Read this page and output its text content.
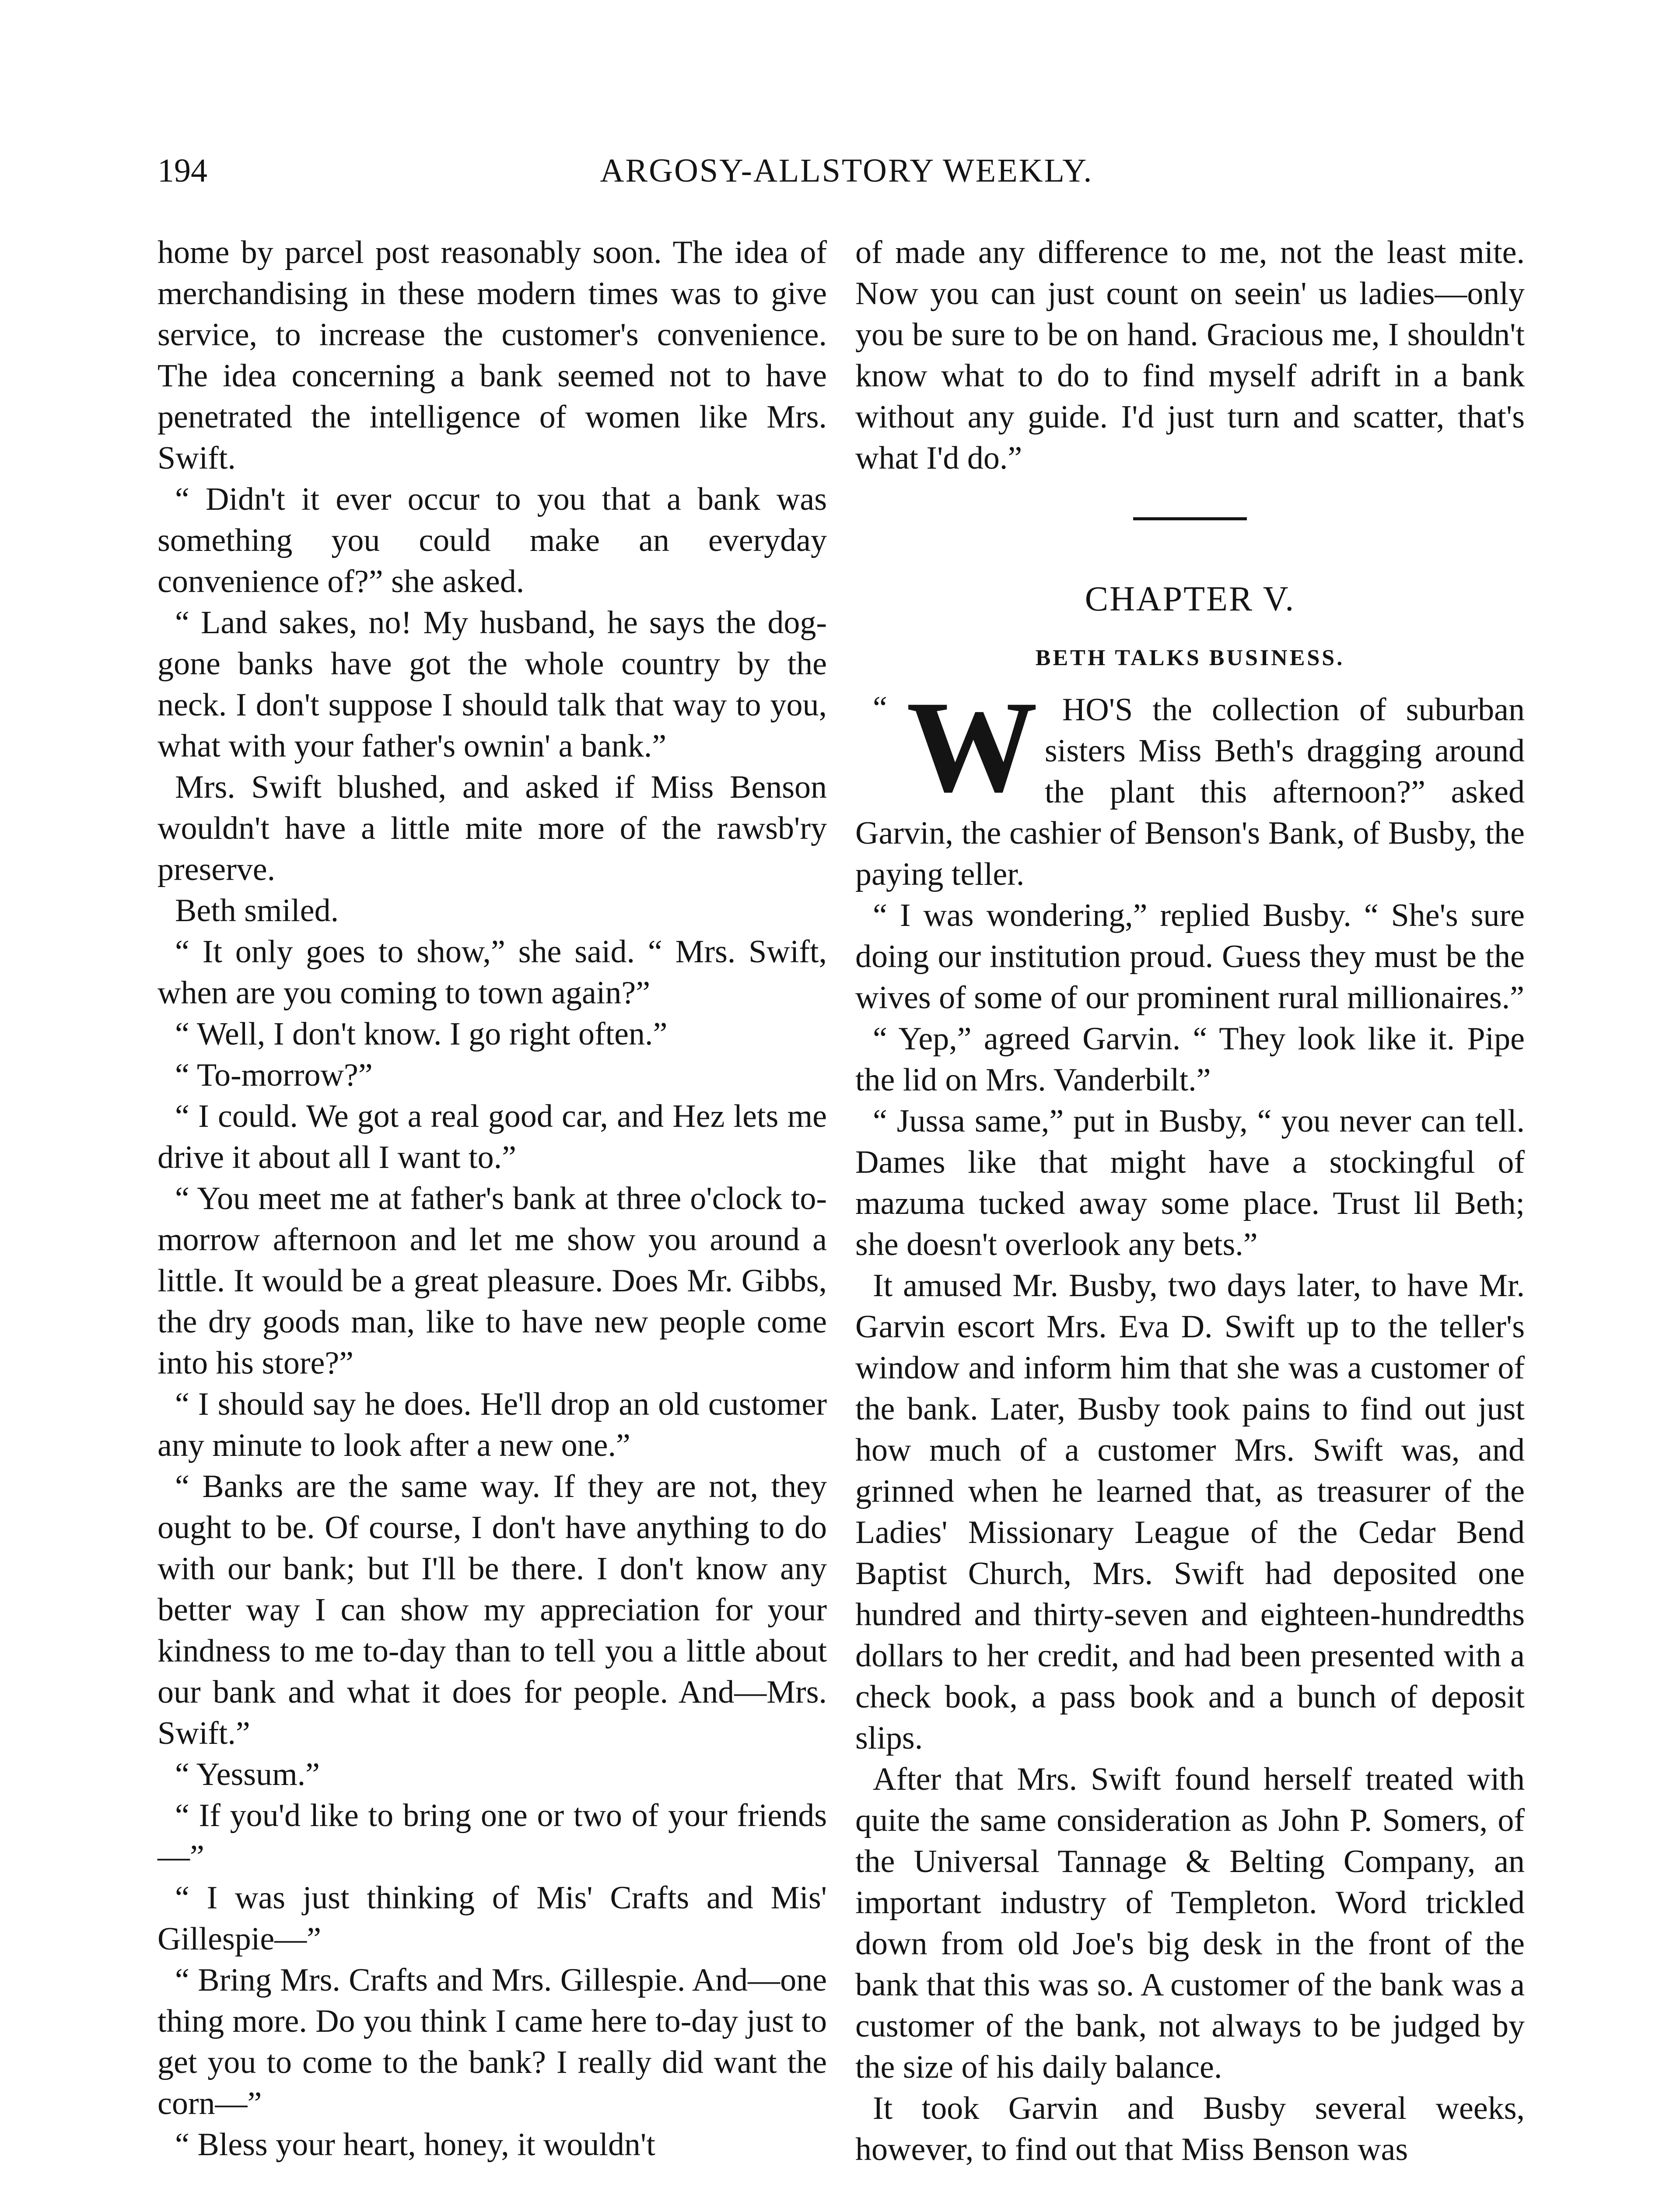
194	ARGOSY-ALLSTORY WEEKLY.

home by parcel post reasonably soon. The idea of merchandising in these modern times was to give service, to increase the customer's convenience. The idea concerning a bank seemed not to have penetrated the intelligence of women like Mrs. Swift.

“ Didn't it ever occur to you that a bank was something you could make an everyday convenience of?” she asked.

“ Land sakes, no! My husband, he says the dog-gone banks have got the whole country by the neck. I don't suppose I should talk that way to you, what with your father's ownin' a bank.”

Mrs. Swift blushed, and asked if Miss Benson wouldn't have a little mite more of the rawsb'ry preserve.

Beth smiled.

“ It only goes to show,” she said. “ Mrs. Swift, when are you coming to town again?”

“ Well, I don't know. I go right often.”

“ To-morrow?”

“ I could. We got a real good car, and Hez lets me drive it about all I want to.”

“ You meet me at father's bank at three o'clock to-morrow afternoon and let me show you around a little. It would be a great pleasure. Does Mr. Gibbs, the dry goods man, like to have new people come into his store?”

“ I should say he does. He'll drop an old customer any minute to look after a new one.”

“ Banks are the same way. If they are not, they ought to be. Of course, I don't have anything to do with our bank; but I'll be there. I don't know any better way I can show my appreciation for your kindness to me to-day than to tell you a little about our bank and what it does for people. And—Mrs. Swift.”

“ Yessum.”

“ If you'd like to bring one or two of your friends—”

“ I was just thinking of Mis' Crafts and Mis' Gillespie—”

“ Bring Mrs. Crafts and Mrs. Gillespie. And—one thing more. Do you think I came here to-day just to get you to come to the bank? I really did want the corn—”

“ Bless your heart, honey, it wouldn't

of made any difference to me, not the least mite. Now you can just count on seein' us ladies—only you be sure to be on hand. Gracious me, I shouldn't know what to do to find myself adrift in a bank without any guide. I'd just turn and scatter, that's what I'd do.”

CHAPTER V.
BETH TALKS BUSINESS.

“ W HO'S the collection of suburban sisters Miss Beth's dragging around the plant this afternoon?” asked Garvin, the cashier of Benson's Bank, of Busby, the paying teller.

“ I was wondering,” replied Busby. “ She's sure doing our institution proud. Guess they must be the wives of some of our prominent rural millionaires.”

“ Yep,” agreed Garvin. “ They look like it. Pipe the lid on Mrs. Vanderbilt.”

“ Jussa same,” put in Busby, “ you never can tell. Dames like that might have a stockingful of mazuma tucked away some place. Trust lil Beth; she doesn't overlook any bets.”

It amused Mr. Busby, two days later, to have Mr. Garvin escort Mrs. Eva D. Swift up to the teller's window and inform him that she was a customer of the bank. Later, Busby took pains to find out just how much of a customer Mrs. Swift was, and grinned when he learned that, as treasurer of the Ladies' Missionary League of the Cedar Bend Baptist Church, Mrs. Swift had deposited one hundred and thirty-seven and eighteen-hundredths dollars to her credit, and had been presented with a check book, a pass book and a bunch of deposit slips.

After that Mrs. Swift found herself treated with quite the same consideration as John P. Somers, of the Universal Tannage & Belting Company, an important industry of Templeton. Word trickled down from old Joe's big desk in the front of the bank that this was so. A customer of the bank was a customer of the bank, not always to be judged by the size of his daily balance.

It took Garvin and Busby several weeks, however, to find out that Miss Benson was
